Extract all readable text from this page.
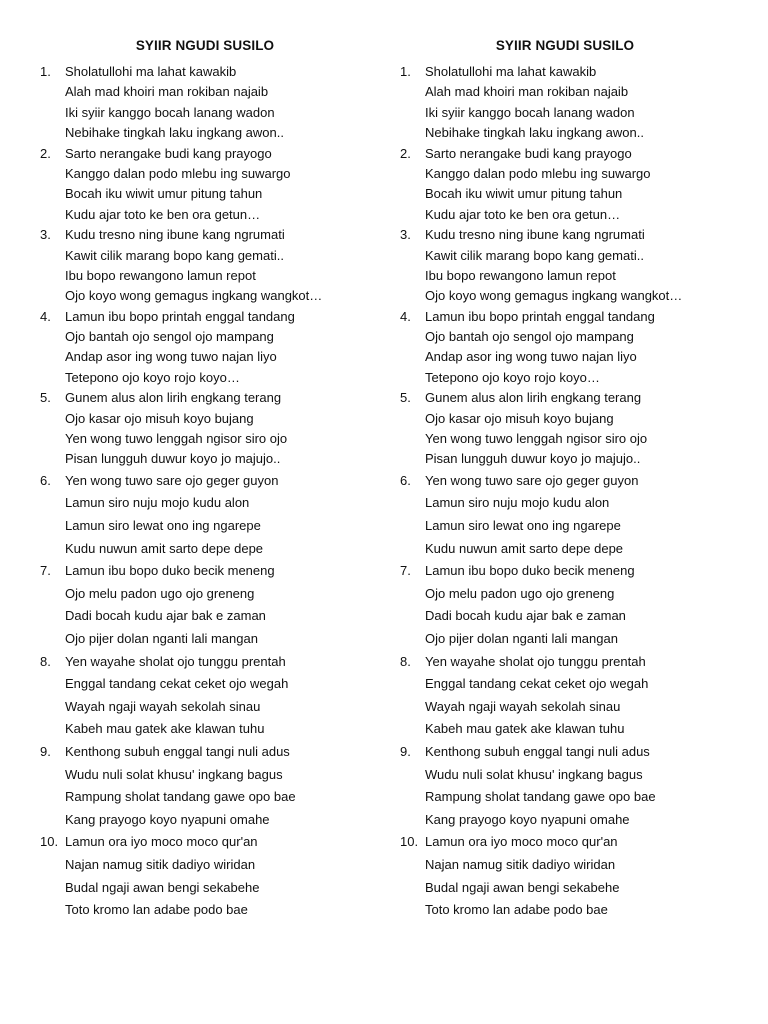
SYIIR NGUDI SUSILO
1. Sholatullohi ma lahat kawakib
Alah mad khoiri man rokiban najaib
Iki syiir kanggo bocah lanang wadon
Nebihake tingkah laku ingkang awon..
2. Sarto nerangake budi kang prayogo
Kanggo dalan podo mlebu ing suwargo
Bocah iku wiwit umur pitung tahun
Kudu ajar toto ke ben ora getun…
3. Kudu tresno ning ibune kang ngrumati
Kawit cilik marang bopo kang gemati..
Ibu bopo rewangono lamun repot
Ojo koyo wong gemagus ingkang wangkot…
4. Lamun ibu bopo printah enggal tandang
Ojo bantah ojo sengol ojo mampang
Andap asor ing wong tuwo najan liyo
Tetepono ojo koyo rojo koyo…
5. Gunem alus alon lirih engkang terang
Ojo kasar ojo misuh koyo bujang
Yen wong tuwo lenggah ngisor siro ojo
Pisan lungguh duwur koyo jo majujo..
6. Yen wong tuwo sare ojo geger guyon
Lamun siro nuju mojo kudu alon
Lamun siro lewat ono ing ngarepe
Kudu nuwun amit sarto depe depe
7. Lamun ibu bopo duko becik meneng
Ojo melu padon ugo ojo greneng
Dadi bocah kudu ajar bak e zaman
Ojo pijer dolan nganti lali mangan
8. Yen wayahe sholat ojo tunggu prentah
Enggal tandang cekat ceket ojo wegah
Wayah ngaji wayah sekolah sinau
Kabeh mau gatek ake klawan tuhu
9. Kenthong subuh enggal tangi nuli adus
Wudu nuli solat khusu' ingkang bagus
Rampung sholat tandang gawe opo bae
Kang prayogo koyo nyapuni omahe
10. Lamun ora iyo moco moco qur'an
Najan namug sitik dadiyo wiridan
Budal ngaji awan bengi sekabehe
Toto kromo lan adabe podo bae
SYIIR NGUDI SUSILO
1. Sholatullohi ma lahat kawakib
Alah mad khoiri man rokiban najaib
Iki syiir kanggo bocah lanang wadon
Nebihake tingkah laku ingkang awon..
2. Sarto nerangake budi kang prayogo
Kanggo dalan podo mlebu ing suwargo
Bocah iku wiwit umur pitung tahun
Kudu ajar toto ke ben ora getun…
3. Kudu tresno ning ibune kang ngrumati
Kawit cilik marang bopo kang gemati..
Ibu bopo rewangono lamun repot
Ojo koyo wong gemagus ingkang wangkot…
4. Lamun ibu bopo printah enggal tandang
Ojo bantah ojo sengol ojo mampang
Andap asor ing wong tuwo najan liyo
Tetepono ojo koyo rojo koyo…
5. Gunem alus alon lirih engkang terang
Ojo kasar ojo misuh koyo bujang
Yen wong tuwo lenggah ngisor siro ojo
Pisan lungguh duwur koyo jo majujo..
6. Yen wong tuwo sare ojo geger guyon
Lamun siro nuju mojo kudu alon
Lamun siro lewat ono ing ngarepe
Kudu nuwun amit sarto depe depe
7. Lamun ibu bopo duko becik meneng
Ojo melu padon ugo ojo greneng
Dadi bocah kudu ajar bak e zaman
Ojo pijer dolan nganti lali mangan
8. Yen wayahe sholat ojo tunggu prentah
Enggal tandang cekat ceket ojo wegah
Wayah ngaji wayah sekolah sinau
Kabeh mau gatek ake klawan tuhu
9. Kenthong subuh enggal tangi nuli adus
Wudu nuli solat khusu' ingkang bagus
Rampung sholat tandang gawe opo bae
Kang prayogo koyo nyapuni omahe
10. Lamun ora iyo moco moco qur'an
Najan namug sitik dadiyo wiridan
Budal ngaji awan bengi sekabehe
Toto kromo lan adabe podo bae
